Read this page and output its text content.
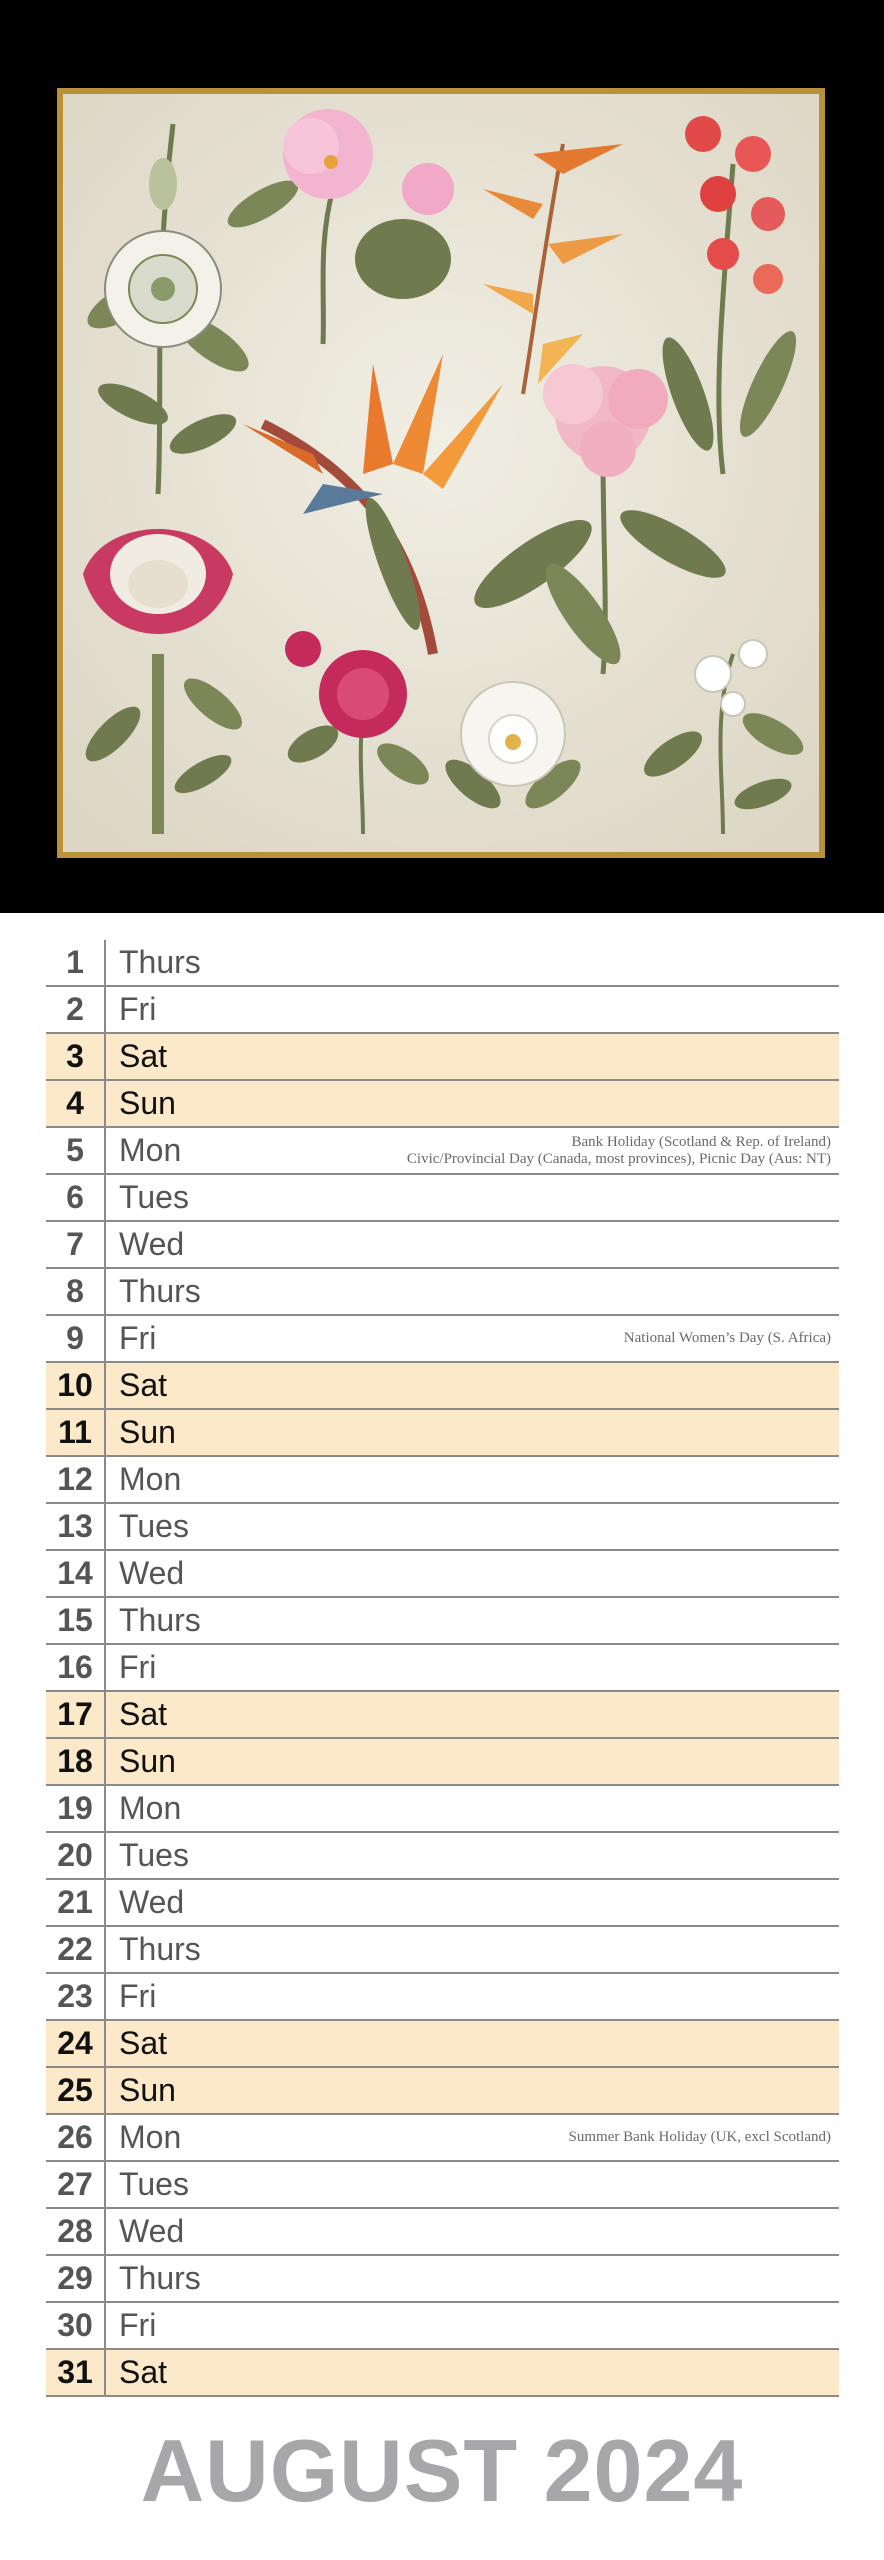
1	Thurs
2	Fri
3	Sat
4	Sun
5	Mon	Bank Holiday (Scotland & Rep. of Ireland)
Civic/Provincial Day (Canada, most provinces), Picnic Day (Aus: NT)
6	Tues
7	Wed
8	Thurs
9	Fri	National Women’s Day (S. Africa)
10 Sat
11 Sun
12 Mon
13 Tues
14 Wed
15 Thurs
16 Fri
17 Sat
18 Sun
19 Mon
20 Tues
21 Wed
22 Thurs
23 Fri
24 Sat
25 Sun
26 Mon	Summer Bank Holiday (UK, excl Scotland)
27 Tues
28 Wed
29 Thurs
30 Fri
31 Sat
AUGUST 2024
